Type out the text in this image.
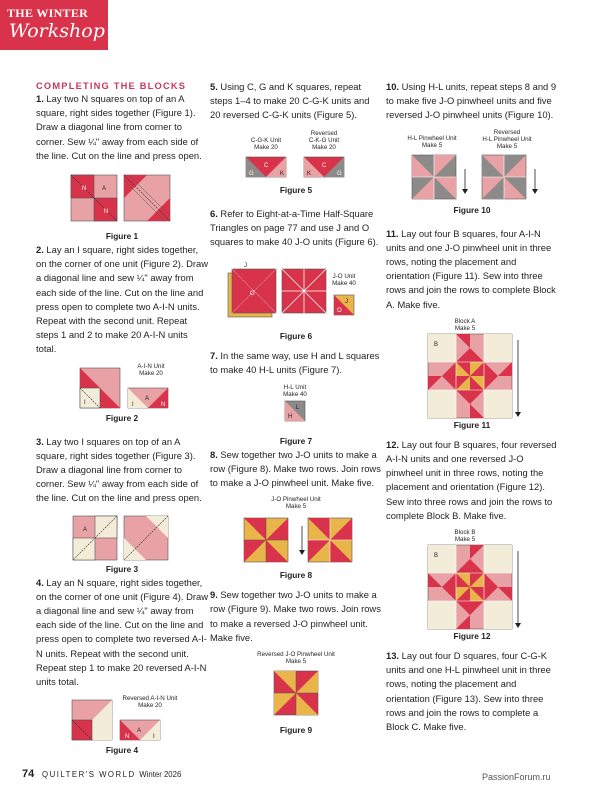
THE WINTER
Workshop
COMPLETING THE BLOCKS

1. Lay two N squares on top of an A square, right sides together (Figure 1). Draw a diagonal line from corner to corner. Sew ¼" away from each side of the line. Cut on the line and press open.

N	A
N
Figure 1

2. Lay an I square, right sides together, on the corner of one unit (Figure 2). Draw a diagonal line and sew ¼" away from each side of the line. Cut on the line and press open to complete two A-I-N units. Repeat with the second unit. Repeat steps 1 and 2 to make 20 A-I-N units total.

A-I-N Unit
Make 20
I
A
N
I
Figure 2

3. Lay two I squares on top of an A square, right sides together (Figure 3). Draw a diagonal line from corner to corner. Sew ¼" away from each side of the line. Cut on the line and press open.

A
Figure 3

4. Lay an N square, right sides together, on the corner of one unit (Figure 4). Draw a diagonal line and sew ¼" away from each side of the line. Cut on the line and press open to complete two reversed A-I-N units. Repeat with the second unit. Repeat step 1 to make 20 reversed A-I-N units total.

Reversed A-I-N Unit
Make 20
A
N	I
Figure 4

5. Using C, G and K squares, repeat steps 1–4 to make 20 C-G-K units and 20 reversed C-G-K units (Figure 5).

C-G-K Unit
Make 20
Reversed
C-K-G Unit
Make 20
C
G	K
C
K	G
Figure 5

6. Refer to Eight-at-a-Time Half-Square Triangles on page 77 and use J and O squares to make 40 J-O units (Figure 6).

J-O Unit
Make 40
J
O
J
O
Figure 6

7. In the same way, use H and L squares to make 40 H-L units (Figure 7).

H-L Unit
Make 40
L
H
Figure 7

8. Sew together two J-O units to make a row (Figure 8). Make two rows. Join rows to make a J-O pinwheel unit. Make five.

J-O Pinwheel Unit
Make 5
Figure 8

9. Sew together two J-O units to make a row (Figure 9). Make two rows. Join rows to make a reversed J-O pinwheel unit. Make five.

Reversed J-O Pinwheel Unit
Make 5
Figure 9

10. Using H-L units, repeat steps 8 and 9 to make five J-O pinwheel units and five reversed J-O pinwheel units (Figure 10).

H-L Pinwheel Unit
Make 5
Reversed
H-L Pinwheel Unit
Make 5
Figure 10

11. Lay out four B squares, four A-I-N units and one J-O pinwheel unit in three rows, noting the placement and orientation (Figure 11). Sew into three rows and join the rows to complete Block A. Make five.

Block A
Make 5
B
Figure 11

12. Lay out four B squares, four reversed A-I-N units and one reversed J-O pinwheel unit in three rows, noting the placement and orientation (Figure 12). Sew into three rows and join the rows to complete Block B. Make five.

Block B
Make 5
B
Figure 12

13. Lay out four D squares, four C-G-K units and one H-L pinwheel unit in three rows, noting the placement and orientation (Figure 13). Sew into three rows and join the rows to complete a Block C. Make five.

74 QUILTER'S WORLD Winter 2026	PassionForum.ru
